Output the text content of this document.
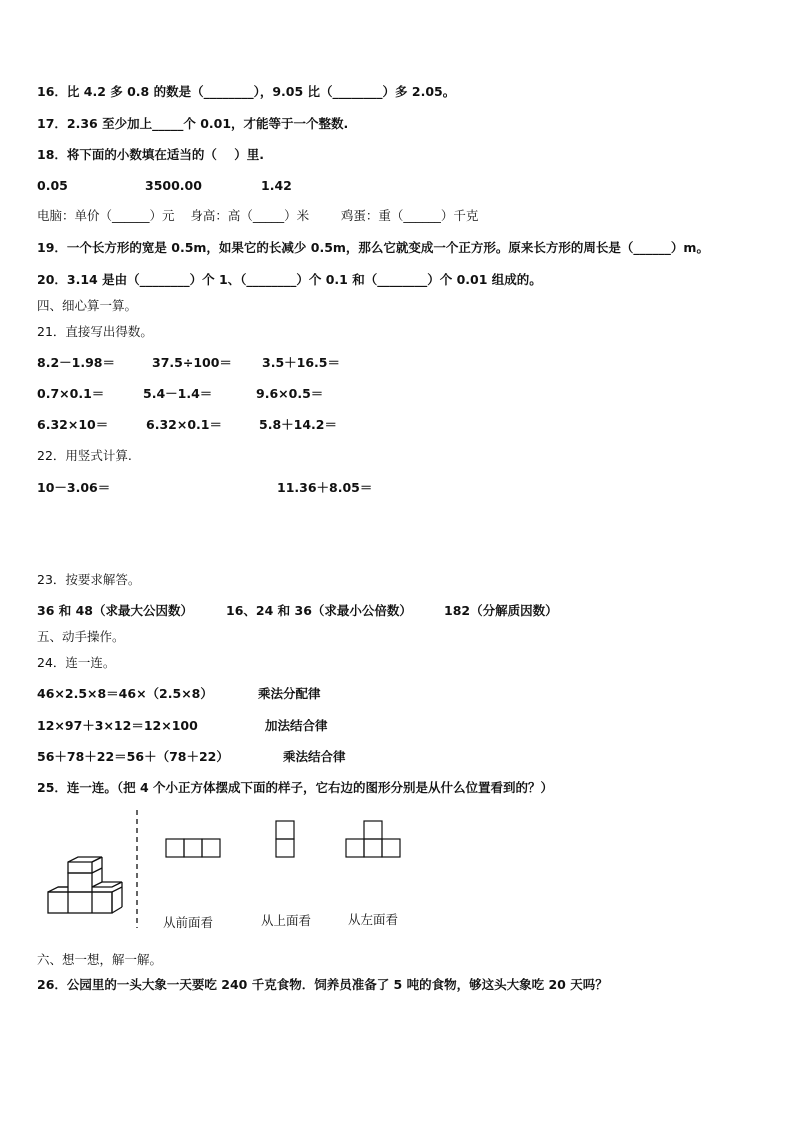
16．比 4.2 多 0.8 的数是（________），9.05 比（________）多 2.05。
17．2.36 至少加上_____个 0.01，才能等于一个整数.
18．将下面的小数填在适当的（    ）里.
0.05	3500.00	1.42
电脑：单价（______）元    身高：高（_____）米        鸡蛋：重（______）千克
19．一个长方形的宽是 0.5m，如果它的长减少 0.5m，那么它就变成一个正方形。原来长方形的周长是（______）m。
20．3.14 是由（________）个 1、（________）个 0.1 和（________）个 0.01 组成的。
四、细心算一算。
21．直接写出得数。
8.2－1.98＝	37.5÷100＝ 3.5＋16.5＝
0.7×0.1＝	5.4－1.4＝	9.6×0.5＝
6.32×10＝	6.32×0.1＝	5.8＋14.2＝
22．用竖式计算.
10－3.06＝	11.36＋8.05＝
23．按要求解答。
36 和 48（求最大公因数）	16、24 和 36（求最小公倍数）	182（分解质因数）
五、动手操作。
24．连一连。
46×2.5×8＝46×（2.5×8）	乘法分配律
12×97＋3×12＝12×100	加法结合律
56＋78＋22＝56＋（78＋22）	乘法结合律
25．连一连。（把 4 个小正方体摆成下面的样子，它右边的图形分别是从什么位置看到的？）
从前面看	从上面看	从左面看
六、想一想，解一解。
26．公园里的一头大象一天要吃 240 千克食物．饲养员准备了 5 吨的食物，够这头大象吃 20 天吗？
